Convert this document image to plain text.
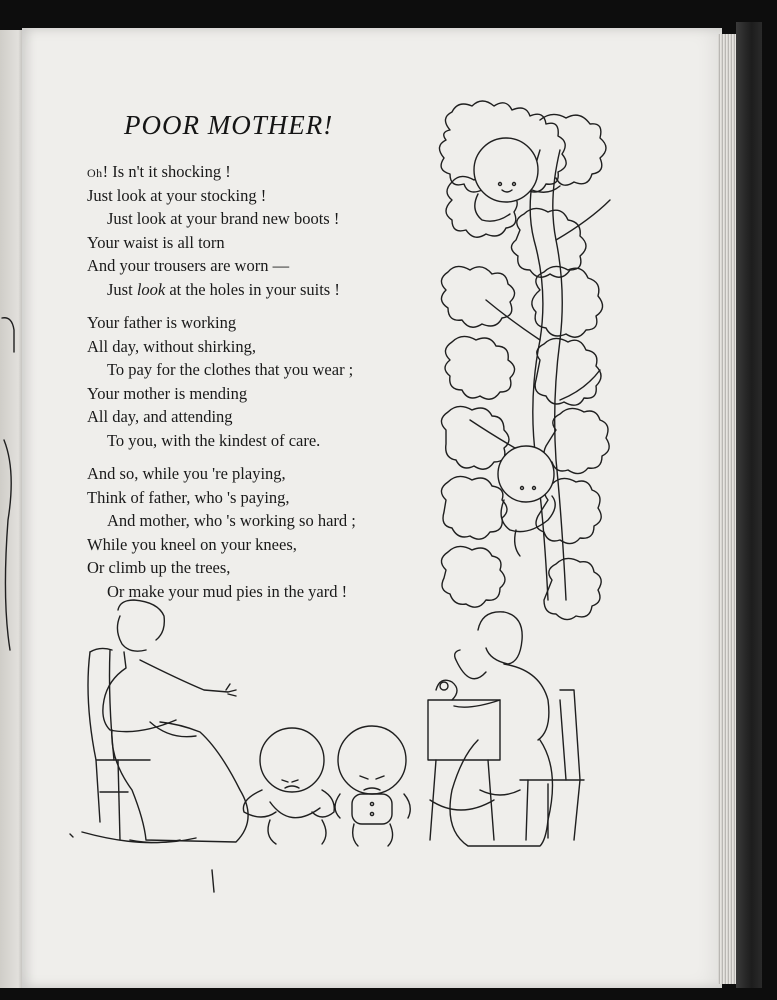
POOR MOTHER!
Oh! Is n't it shocking !
Just look at your stocking !
Just look at your brand new boots !
Your waist is all torn
And your trousers are worn —
Just look at the holes in your suits !
Your father is working
All day, without shirking,
To pay for the clothes that you wear ;
Your mother is mending
All day, and attending
To you, with the kindest of care.
And so, while you 're playing,
Think of father, who 's paying,
And mother, who 's working so hard ;
While you kneel on your knees,
Or climb up the trees,
Or make your mud pies in the yard !
